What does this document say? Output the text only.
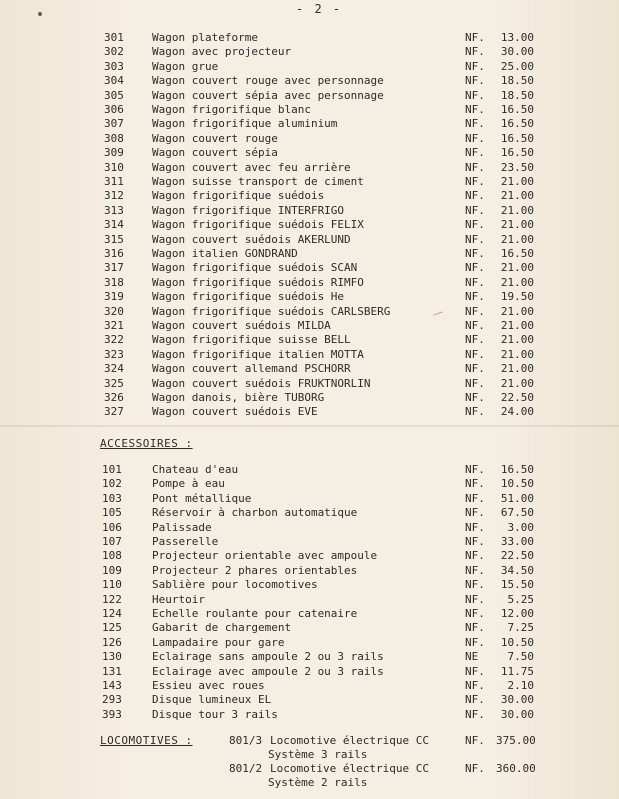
- 2 -
301	Wagon plateforme	NF.	13.00
302	Wagon avec projecteur	NF.	30.00
303	Wagon grue	NF.	25.00
304	Wagon couvert rouge avec personnage	NF.	18.50
305	Wagon couvert sépia avec personnage	NF.	18.50
306	Wagon frigorifique blanc	NF.	16.50
307	Wagon frigorifique aluminium	NF.	16.50
308	Wagon couvert rouge	NF.	16.50
309	Wagon couvert sépia	NF.	16.50
310	Wagon couvert avec feu arrière	NF.	23.50
311	Wagon suisse transport de ciment	NF.	21.00
312	Wagon frigorifique suédois	NF.	21.00
313	Wagon frigorifique INTERFRIGO	NF.	21.00
314	Wagon frigorifique suédois FELIX	NF.	21.00
315	Wagon couvert suédois AKERLUND	NF.	21.00
316	Wagon italien GONDRAND	NF.	16.50
317	Wagon frigorifique suédois SCAN	NF.	21.00
318	Wagon frigorifique suédois RIMFO	NF.	21.00
319	Wagon frigorifique suédois He	NF.	19.50
320	Wagon frigorifique suédois CARLSBERG	NF.	21.00
321	Wagon couvert suédois MILDA	NF.	21.00
322	Wagon frigorifique suisse BELL	NF.	21.00
323	Wagon frigorifique italien MOTTA	NF.	21.00
324	Wagon couvert allemand PSCHORR	NF.	21.00
325	Wagon couvert suédois FRUKTNORLIN	NF.	21.00
326	Wagon danois, bière TUBORG	NF.	22.50
327	Wagon couvert suédois EVE	NF.	24.00
ACCESSOIRES :
101	Chateau d'eau	NF.	16.50
102	Pompe à eau	NF.	10.50
103	Pont métallique	NF.	51.00
105	Réservoir à charbon automatique	NF.	67.50
106	Palissade	NF.	3.00
107	Passerelle	NF.	33.00
108	Projecteur orientable avec ampoule	NF.	22.50
109	Projecteur 2 phares orientables	NF.	34.50
110	Sablière pour locomotives	NF.	15.50
122	Heurtoir	NF.	5.25
124	Echelle roulante pour catenaire	NF.	12.00
125	Gabarit de chargement	NF.	7.25
126	Lampadaire pour gare	NF.	10.50
130	Eclairage sans ampoule 2 ou 3 rails	NE	7.50
131	Eclairage avec ampoule 2 ou 3 rails	NF.	11.75
143	Essieu avec roues	NF.	2.10
293	Disque lumineux EL	NF.	30.00
393	Disque tour 3 rails	NF.	30.00
LOCOMOTIVES :	801/3 Locomotive électrique CC	NF. 375.00
Système 3 rails
801/2 Locomotive électrique CC	NF. 360.00
Système 2 rails
